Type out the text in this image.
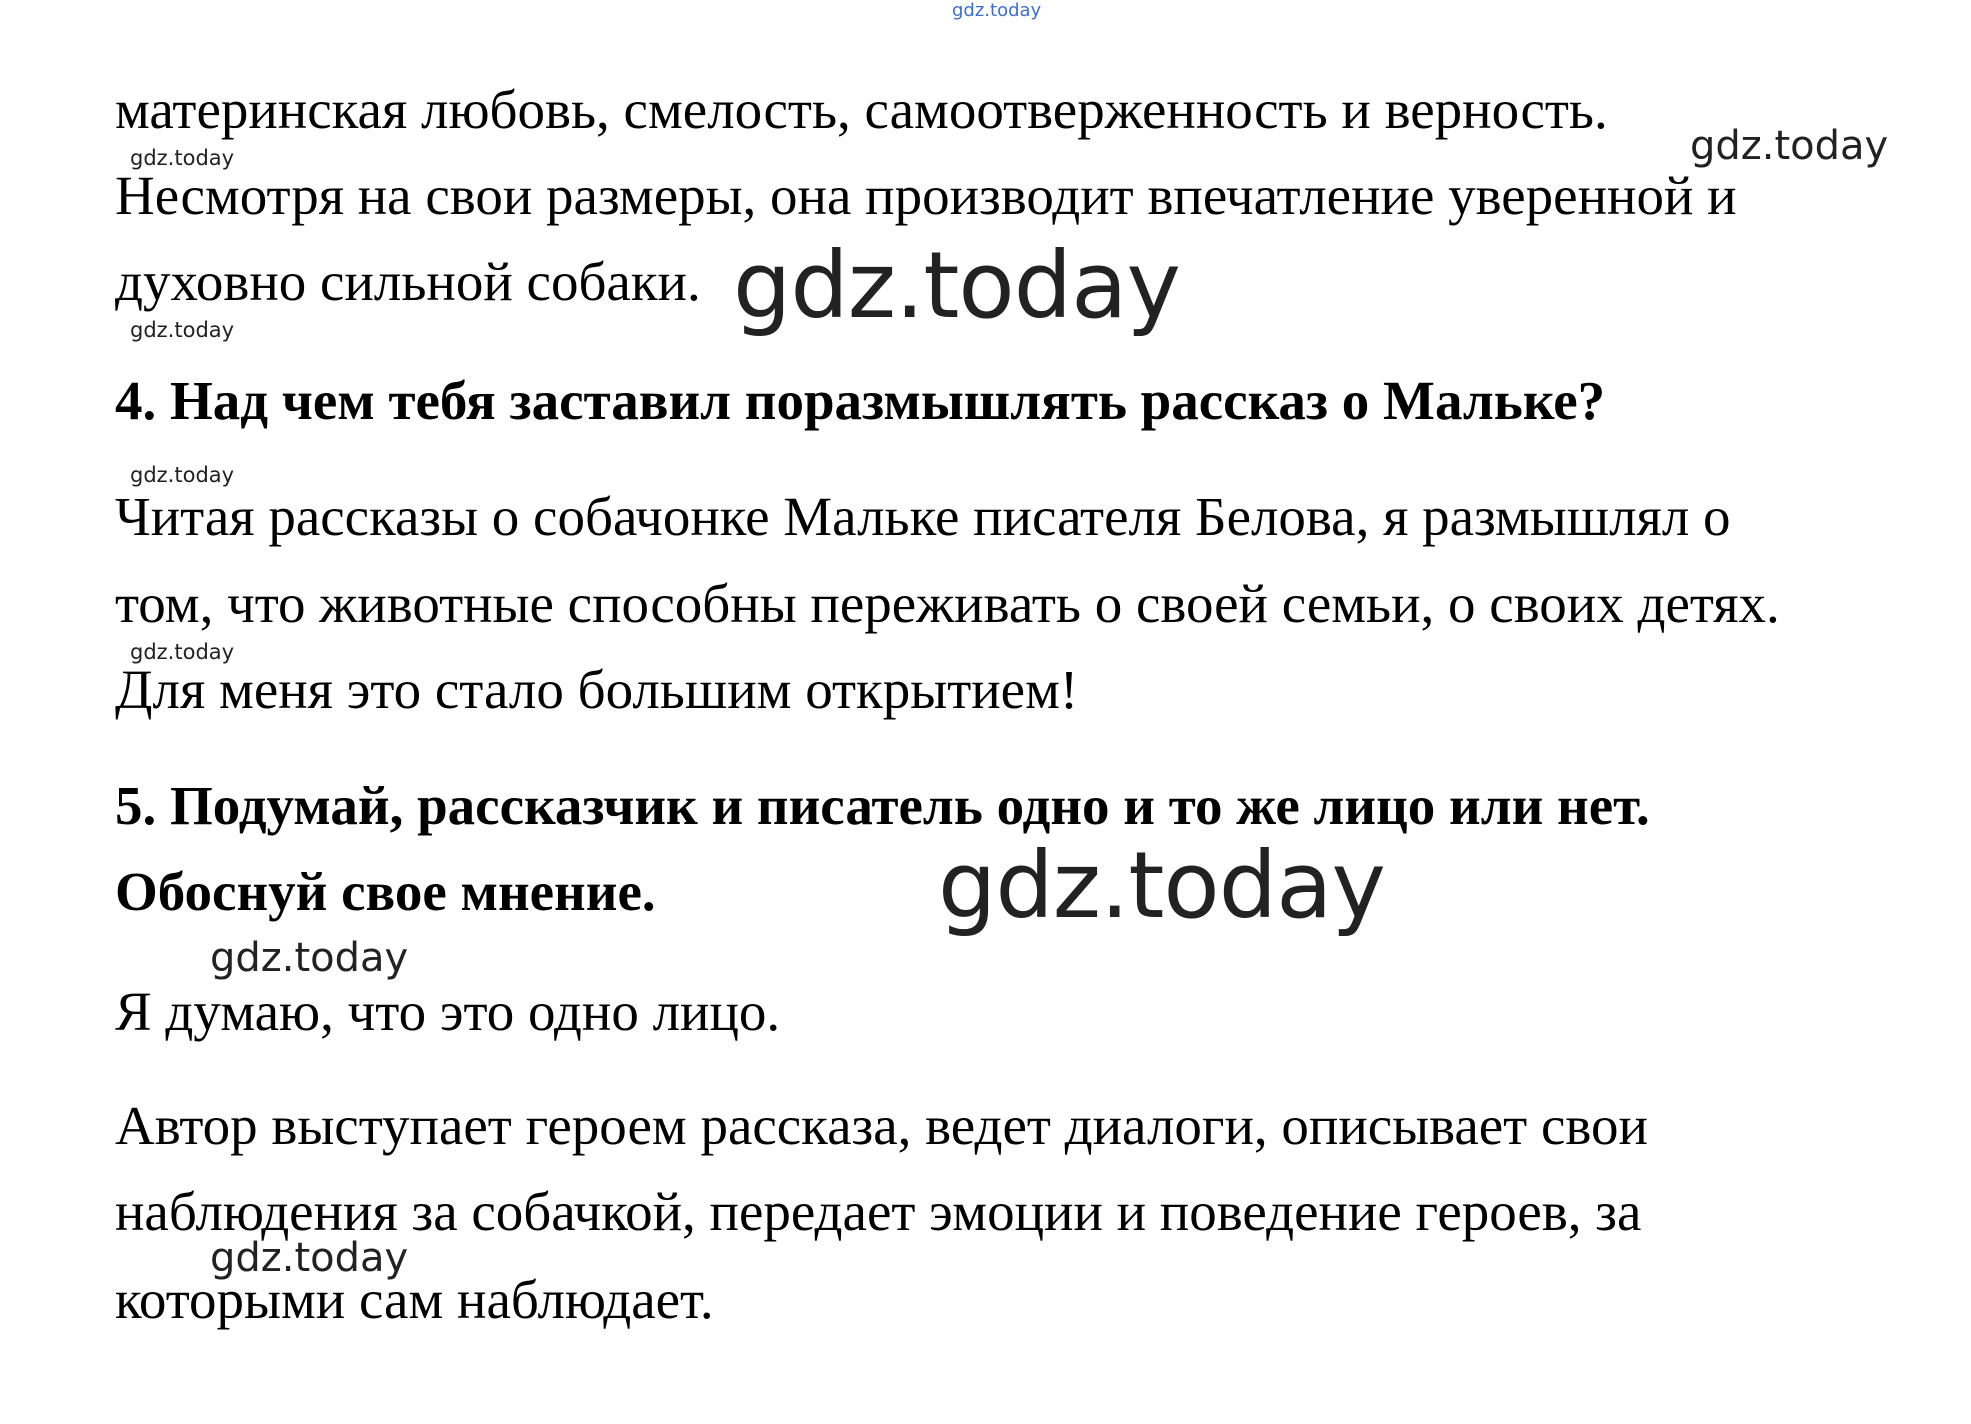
материнская любовь, смелость, самоотверженность и верность.

Несмотря на свои размеры, она производит впечатление уверенной и

духовно сильной собаки.

4. Над чем тебя заставил поразмышлять рассказ о Мальке?

Читая рассказы о собачонке Мальке писателя Белова, я размышлял о

том, что животные способны переживать о своей семьи, о своих детях.

Для меня это стало большим открытием!

5. Подумай, рассказчик и писатель одно и то же лицо или нет.

Обоснуй свое мнение.

Я думаю, что это одно лицо.

Автор выступает героем рассказа, ведет диалоги, описывает свои

наблюдения за собачкой, передает эмоции и поведение героев, за

которыми сам наблюдает.

gdz.today
gdz.today	gdz.today
gdz.today
gdz.today
gdz.today
gdz.today
gdz.today
gdz.today
gdz.today
